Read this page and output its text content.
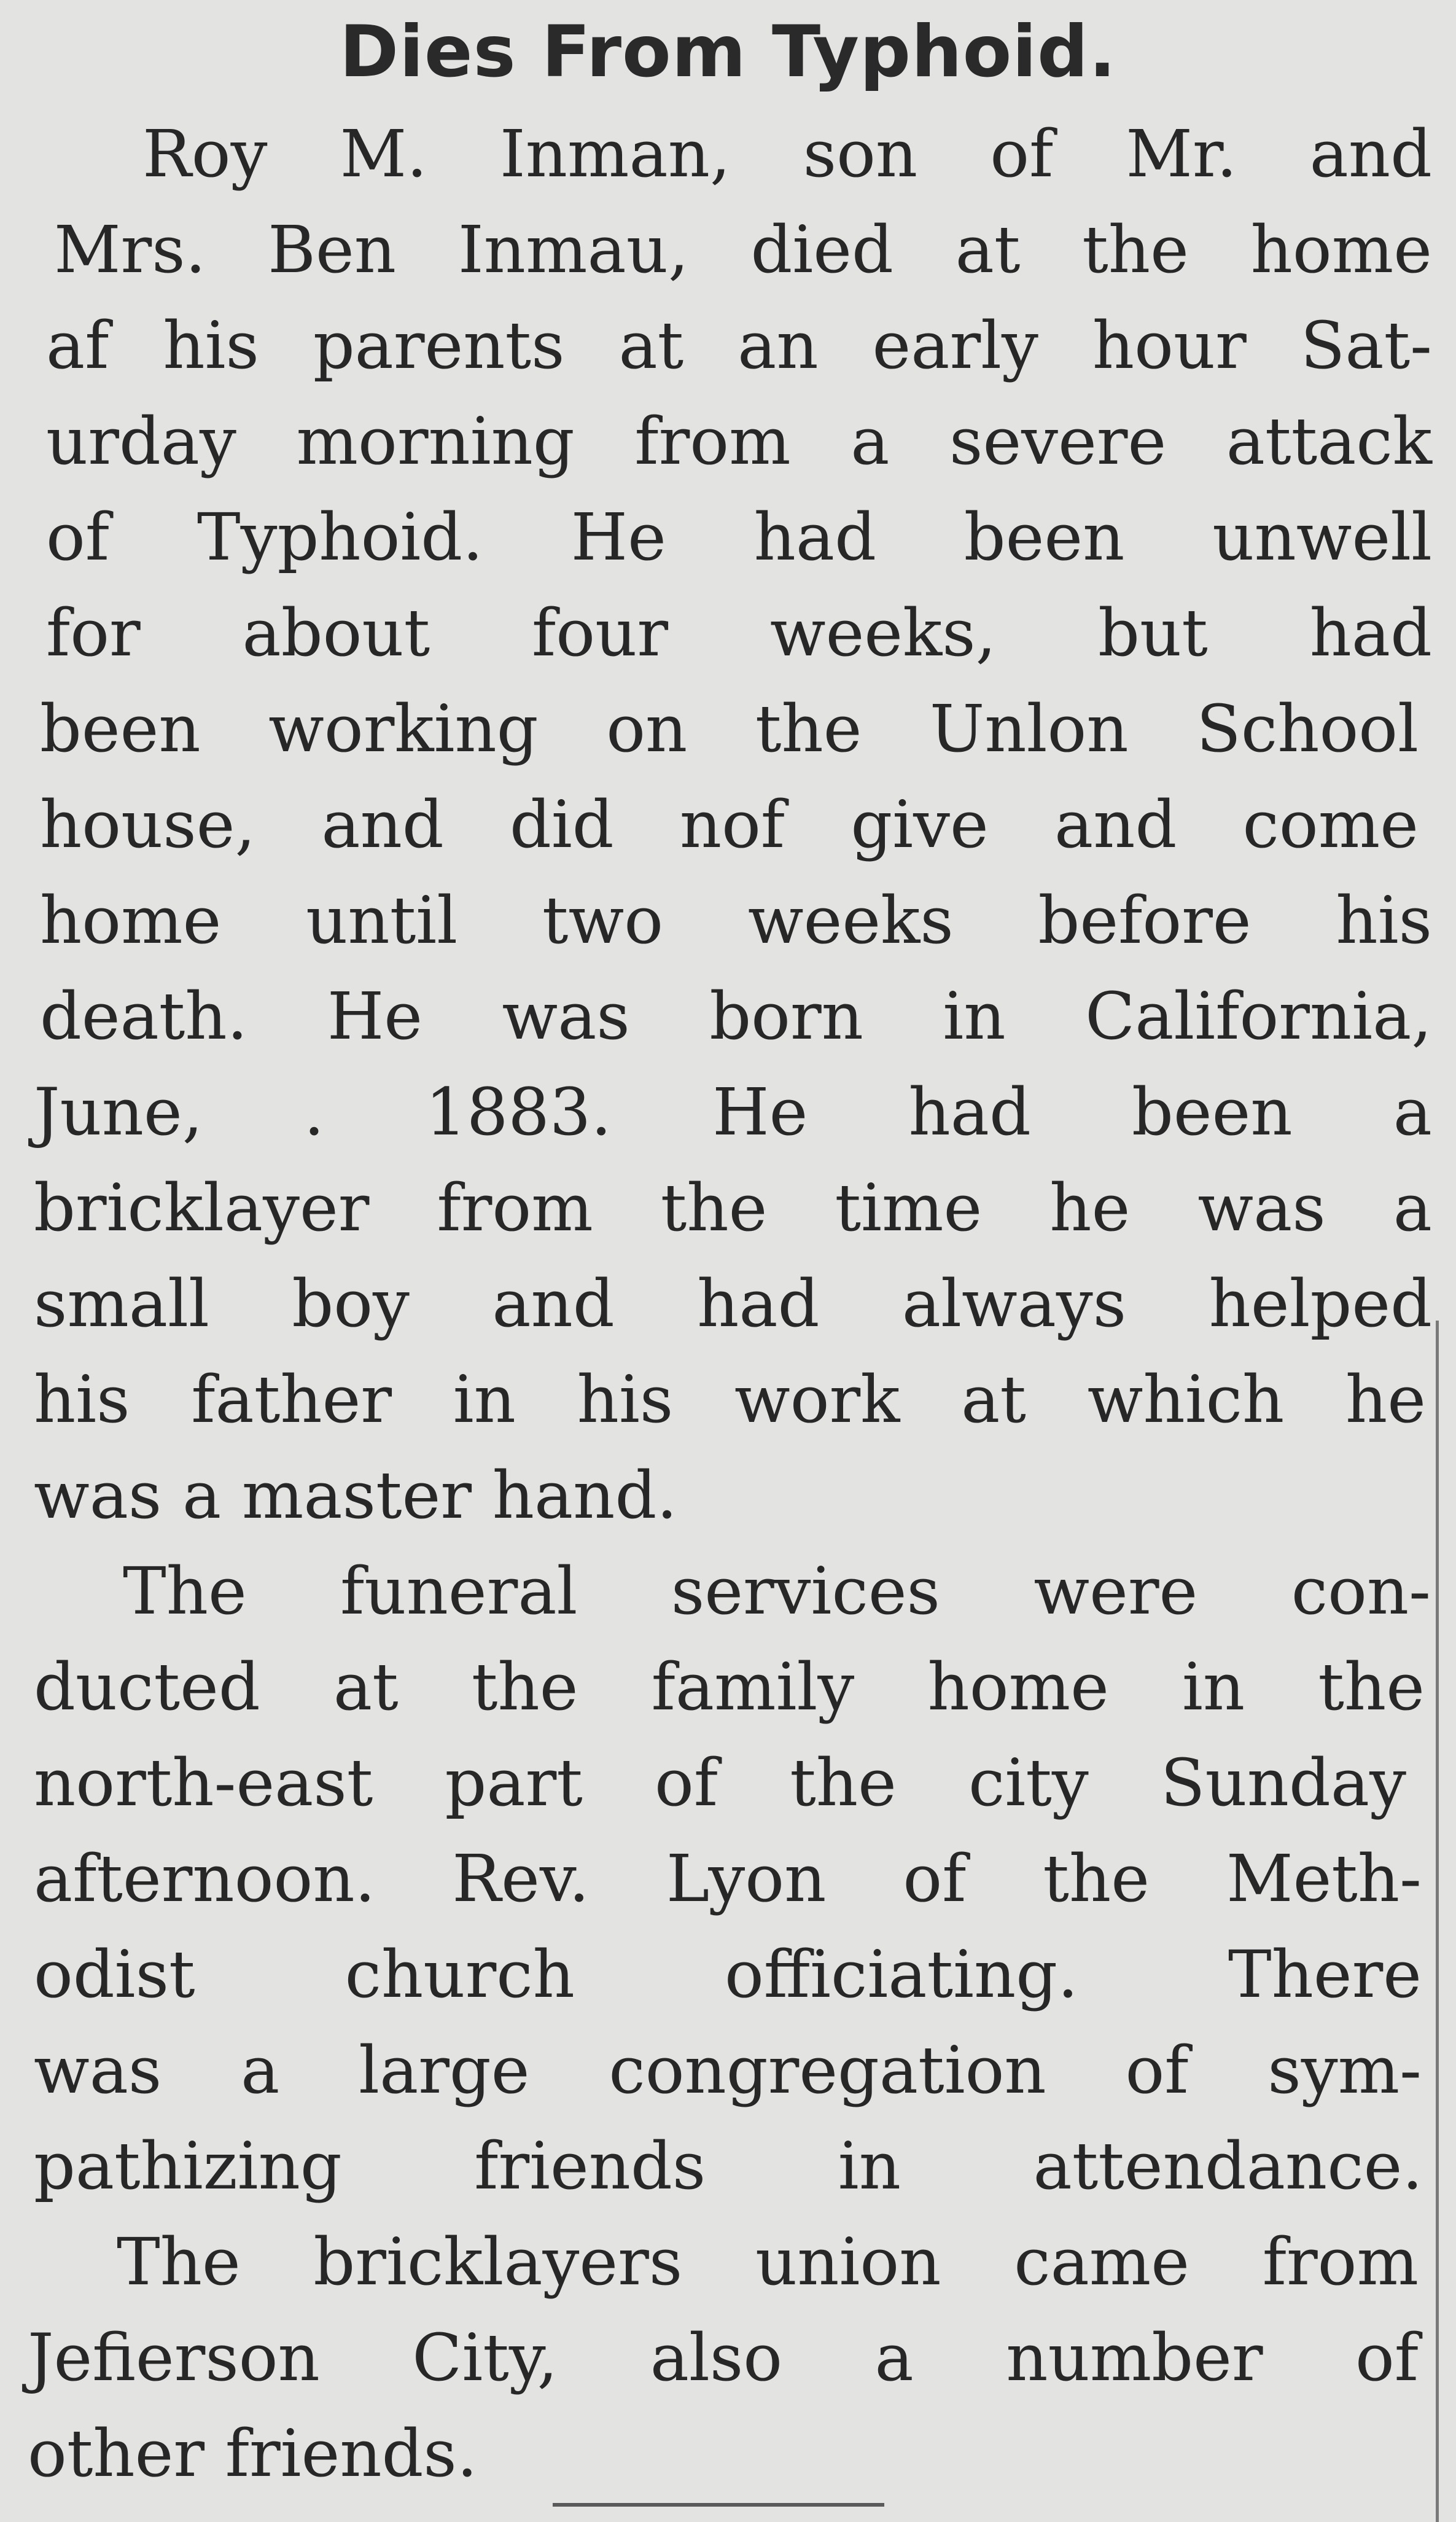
Dies From Typhoid.
Roy M. Inman, son of Mr. and
Mrs. Ben Inmau, died at the home
af his parents at an early hour Sat-
urday morning from a severe attack
of Typhoid. He had been unwell
for about four weeks, but had
been working on the Unlon School
house, and did nof give and come
home until two weeks before his
death. He was born in California,
June, . 1883. He had been a
bricklayer from the time he was a
small boy and had always helped
his father in his work at which he
was a master hand.
The funeral services were con-
ducted at the family home in the
north-east part of the city Sunday
afternoon. Rev. Lyon of the Meth-
odist church officiating. There
was a large congregation of sym-
pathizing friends in attendance.
The bricklayers union came from
Jefierson City, also a number of
other friends.
